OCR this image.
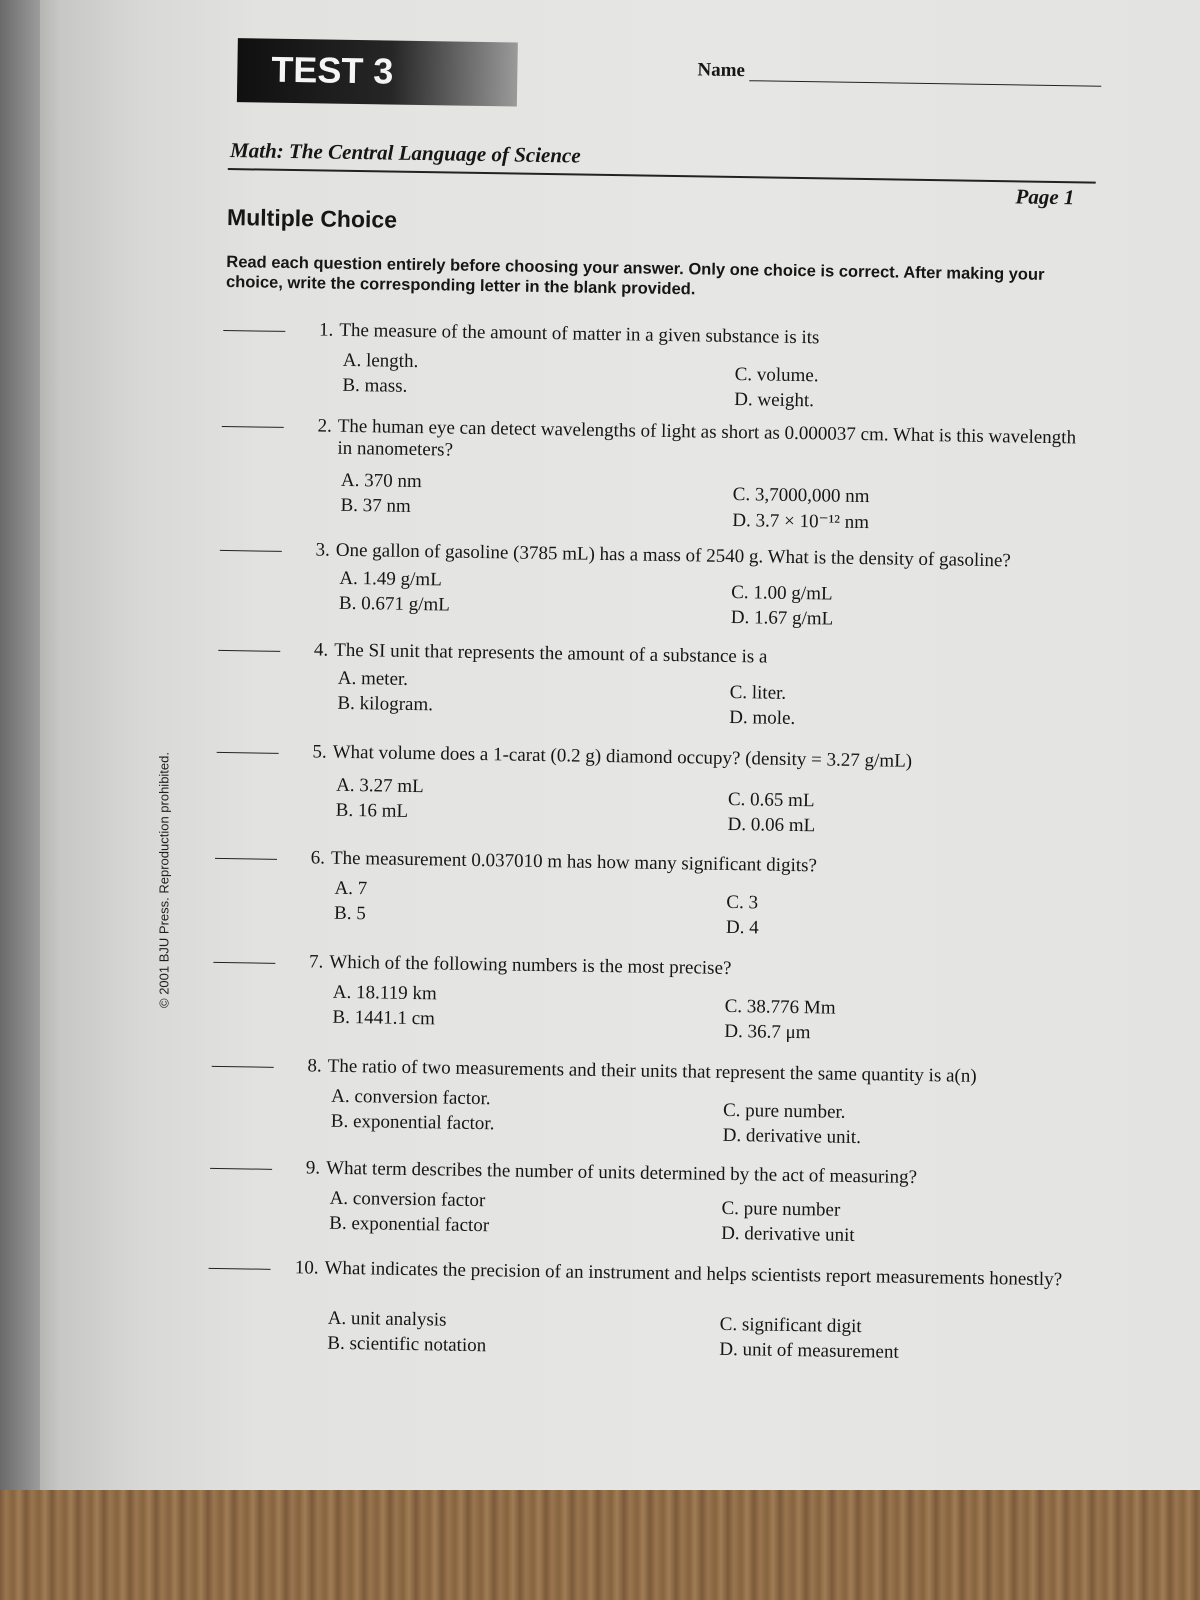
© 2001 BJU Press. Reproduction prohibited.
TEST 3	Name
Math: The Central Language of Science
Page 1
Multiple Choice
Read each question entirely before choosing your answer. Only one choice is correct. After making your choice, write the corresponding letter in the blank provided.
1. The measure of the amount of matter in a given substance is its
A. length.
B. mass.	C. volume.
D. weight.
2. The human eye can detect wavelengths of light as short as 0.000037 cm. What is this wavelength in nanometers?
A. 370 nm
B. 37 nm	C. 3,7000,000 nm
D. 3.7 × 10⁻¹² nm
3. One gallon of gasoline (3785 mL) has a mass of 2540 g. What is the density of gasoline?
A. 1.49 g/mL
B. 0.671 g/mL	C. 1.00 g/mL
D. 1.67 g/mL
4. The SI unit that represents the amount of a substance is a
A. meter.
B. kilogram.	C. liter.
D. mole.
5. What volume does a 1-carat (0.2 g) diamond occupy? (density = 3.27 g/mL)
A. 3.27 mL
B. 16 mL	C. 0.65 mL
D. 0.06 mL
6. The measurement 0.037010 m has how many significant digits?
A. 7
B. 5
C. 3
D. 4
7. Which of the following numbers is the most precise?
A. 18.119 km
B. 1441.1 cm	C. 38.776 Mm
D. 36.7 μm
8. The ratio of two measurements and their units that represent the same quantity is a(n)
A. conversion factor.
B. exponential factor.	C. pure number.
D. derivative unit.
9. What term describes the number of units determined by the act of measuring?
A. conversion factor
B. exponential factor
C. pure number
D. derivative unit
10. What indicates the precision of an instrument and helps scientists report measurements honestly?
A. unit analysis
B. scientific notation
C. significant digit
D. unit of measurement
